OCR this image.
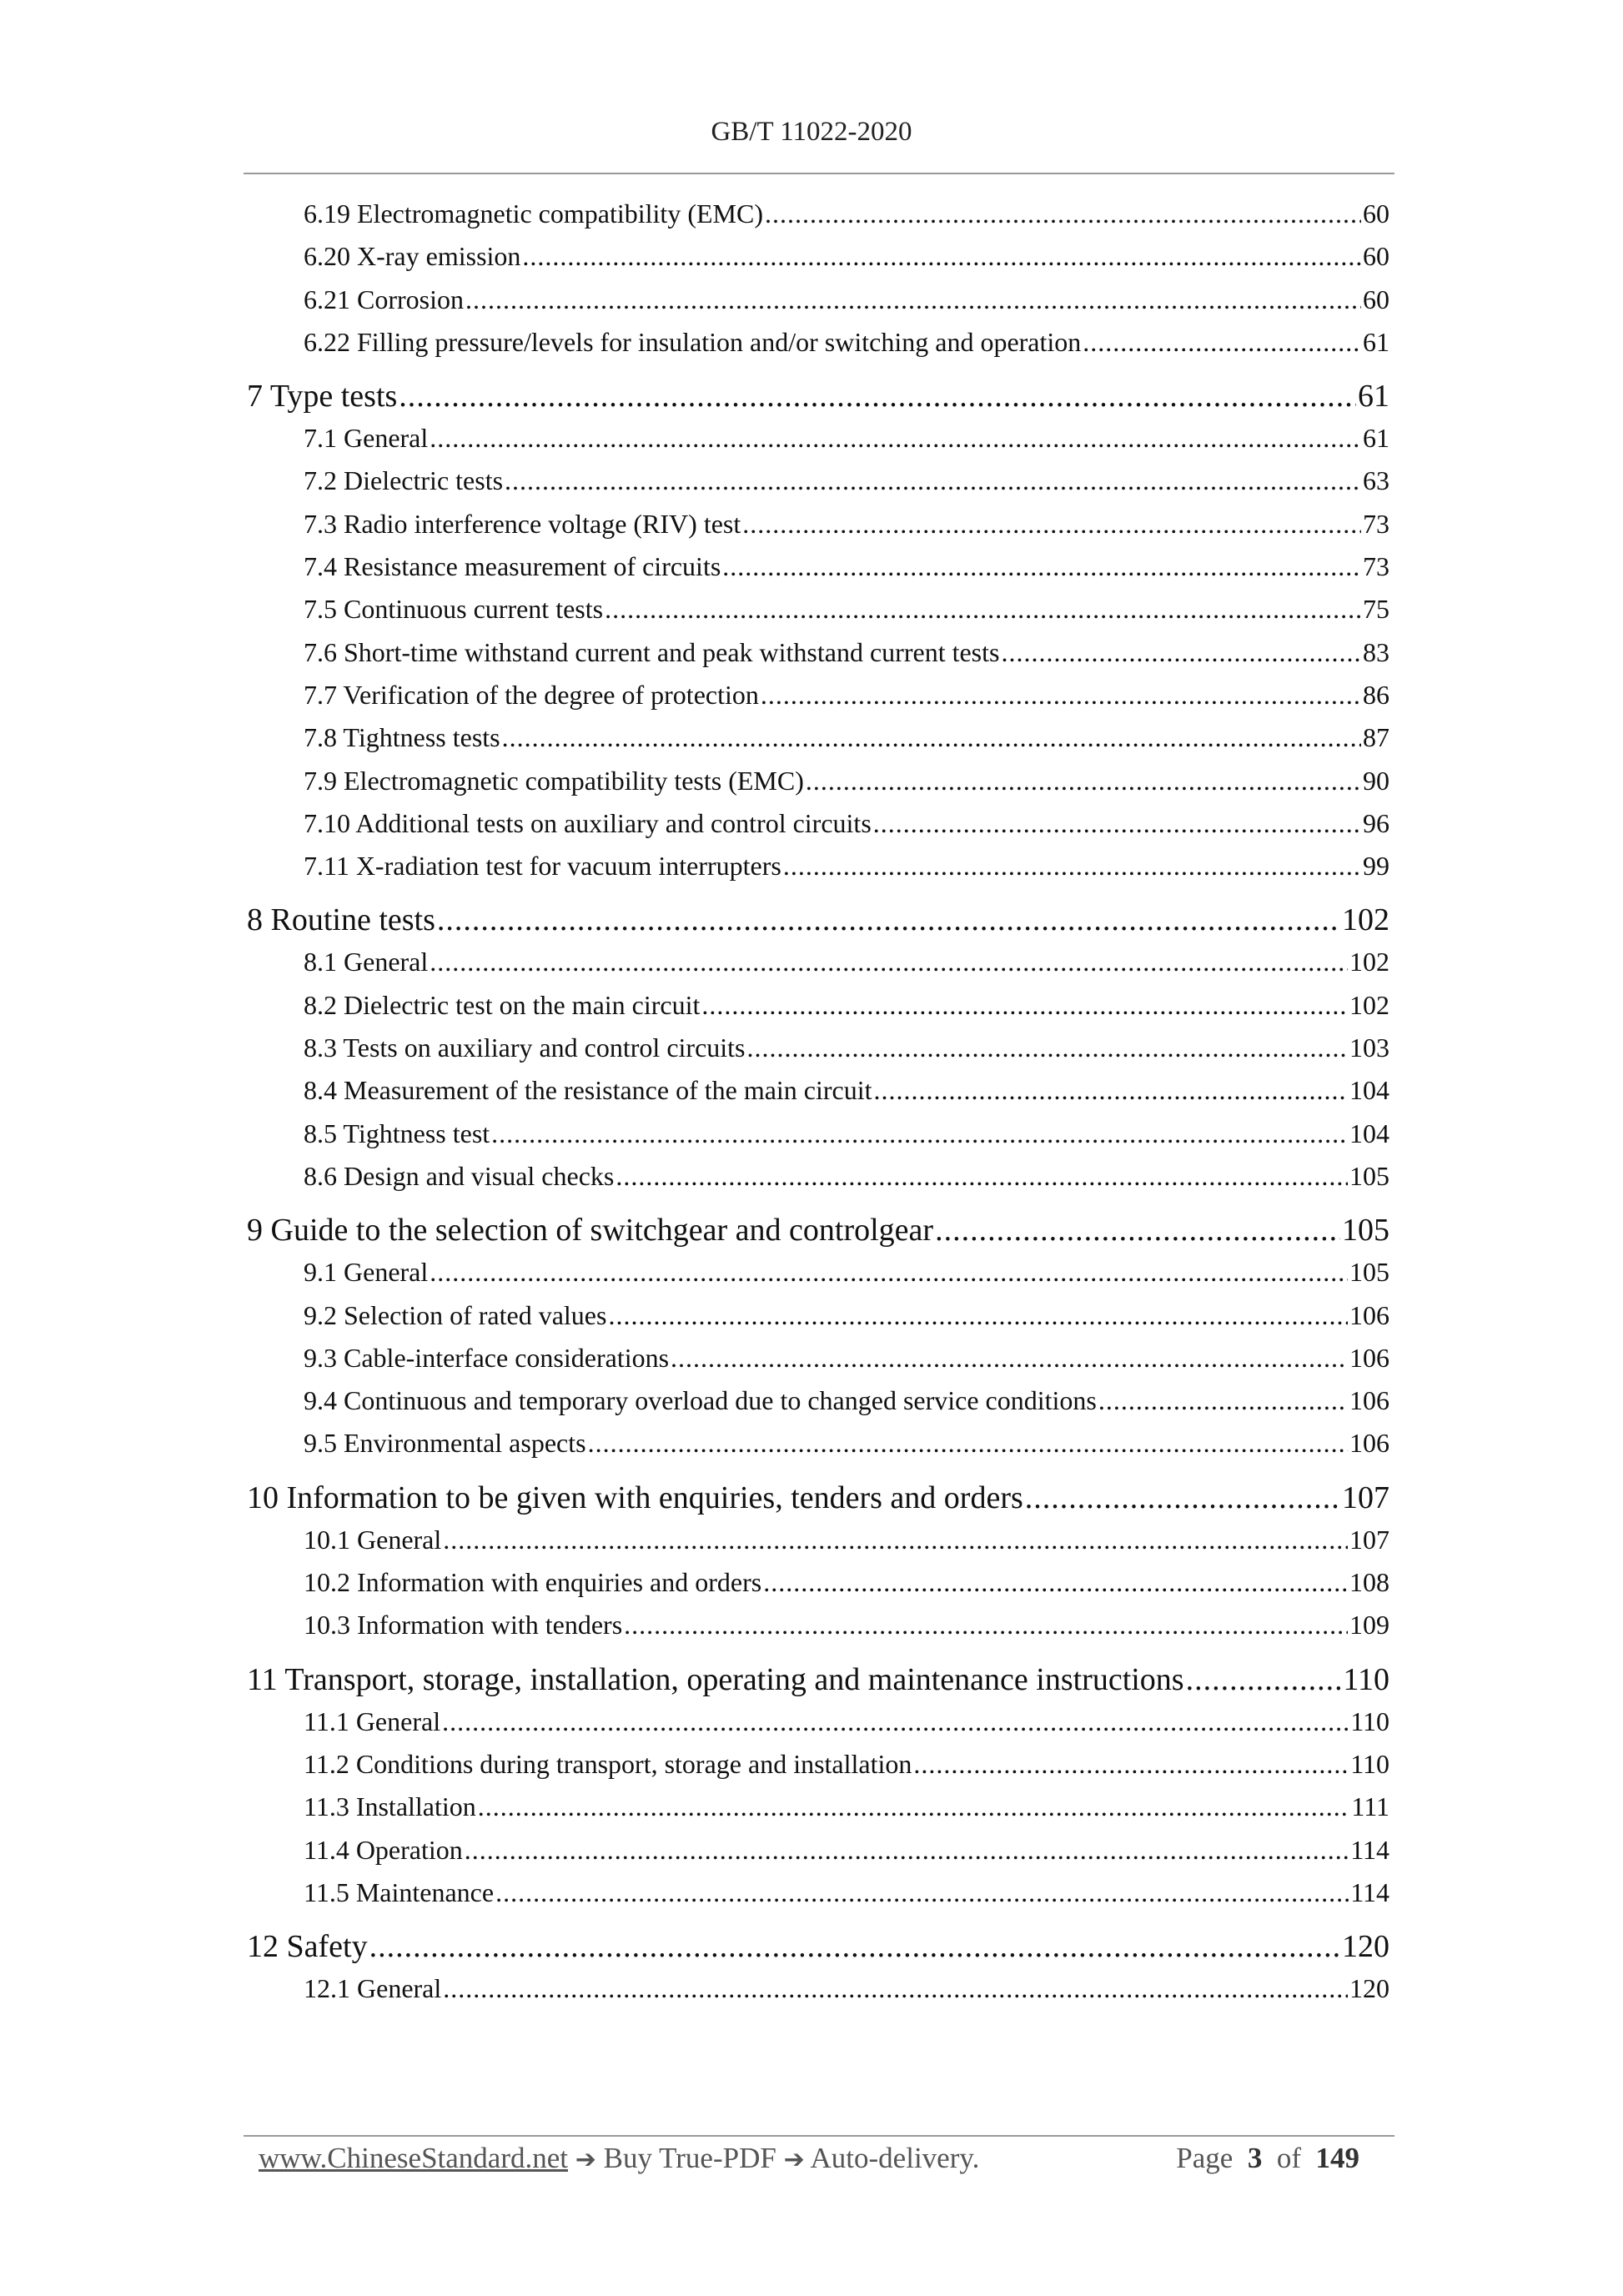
GB/T 11022-2020
6.19 Electromagnetic compatibility (EMC) .....	60
6.20 X-ray emission .....	60
6.21 Corrosion .....	60
6.22 Filling pressure/levels for insulation and/or switching and operation .....	61
7 Type tests .....	61
7.1 General .....	61
7.2 Dielectric tests .....	63
7.3 Radio interference voltage (RIV) test .....	73
7.4 Resistance measurement of circuits .....	73
7.5 Continuous current tests .....	75
7.6 Short-time withstand current and peak withstand current tests .....	83
7.7 Verification of the degree of protection .....	86
7.8 Tightness tests .....	87
7.9 Electromagnetic compatibility tests (EMC) .....	90
7.10 Additional tests on auxiliary and control circuits .....	96
7.11 X-radiation test for vacuum interrupters .....	99
8 Routine tests .....	102
8.1 General .....	102
8.2 Dielectric test on the main circuit .....	102
8.3 Tests on auxiliary and control circuits .....	103
8.4 Measurement of the resistance of the main circuit .....	104
8.5 Tightness test .....	104
8.6 Design and visual checks .....	105
9 Guide to the selection of switchgear and controlgear .....	105
9.1 General .....	105
9.2 Selection of rated values .....	106
9.3 Cable-interface considerations .....	106
9.4 Continuous and temporary overload due to changed service conditions .....	106
9.5 Environmental aspects .....	106
10 Information to be given with enquiries, tenders and orders .....	107
10.1 General .....	107
10.2 Information with enquiries and orders .....	108
10.3 Information with tenders .....	109
11 Transport, storage, installation, operating and maintenance instructions .....	110
11.1 General .....	110
11.2 Conditions during transport, storage and installation .....	110
11.3 Installation .....	111
11.4 Operation .....	114
11.5 Maintenance .....	114
12 Safety .....	120
12.1 General .....	120
www.ChineseStandard.net ➔ Buy True-PDF ➔ Auto-delivery.	Page 3 of 149
